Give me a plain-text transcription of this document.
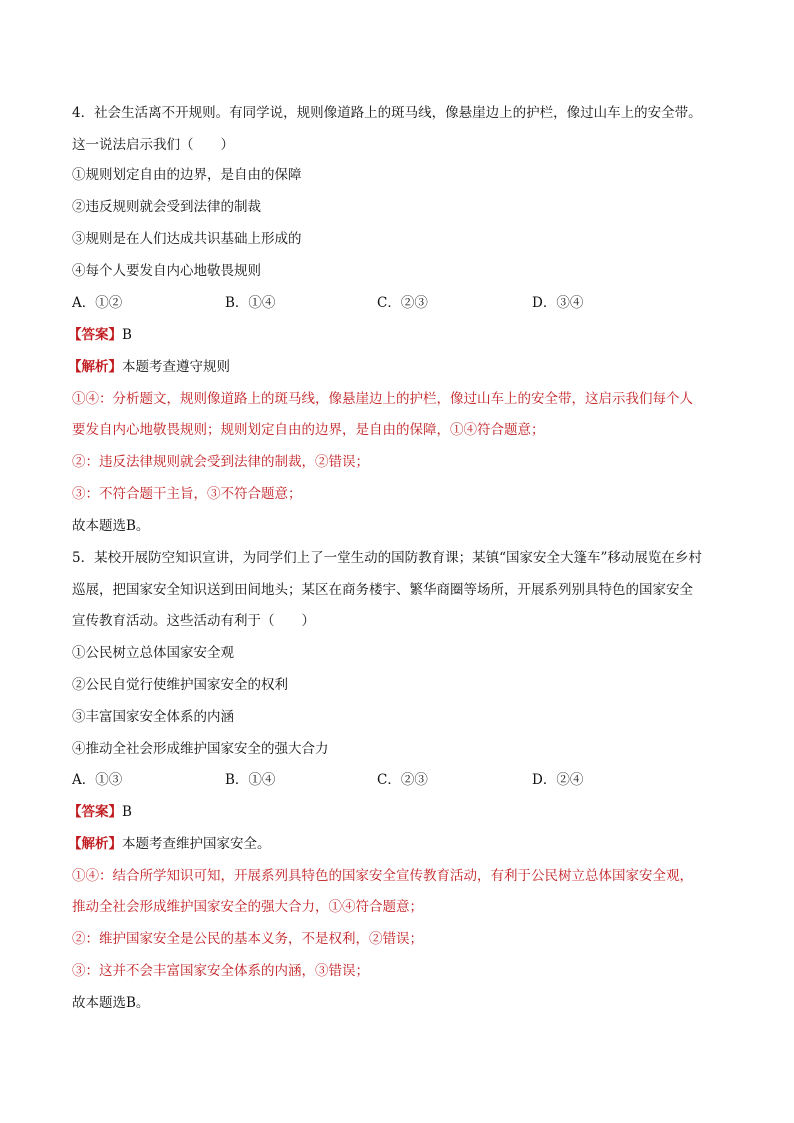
4．社会生活离不开规则。有同学说，规则像道路上的斑马线，像悬崖边上的护栏，像过山车上的安全带。
这一说法启示我们（　　）
①规则划定自由的边界，是自由的保障
②违反规则就会受到法律的制裁
③规则是在人们达成共识基础上形成的
④每个人要发自内心地敬畏规则
A．①②	B．①④	C．②③	D．③④
【答案】B
【解析】本题考查遵守规则
①④：分析题文，规则像道路上的斑马线，像悬崖边上的护栏，像过山车上的安全带，这启示我们每个人
要发自内心地敬畏规则；规则划定自由的边界，是自由的保障，①④符合题意；
②：违反法律规则就会受到法律的制裁，②错误；
③：不符合题干主旨，③不符合题意；
故本题选B。
5．某校开展防空知识宣讲，为同学们上了一堂生动的国防教育课；某镇“国家安全大篷车”移动展览在乡村
巡展，把国家安全知识送到田间地头；某区在商务楼宇、繁华商圈等场所，开展系列别具特色的国家安全
宣传教育活动。这些活动有利于（　　）
①公民树立总体国家安全观
②公民自觉行使维护国家安全的权利
③丰富国家安全体系的内涵
④推动全社会形成维护国家安全的强大合力
A．①③	B．①④	C．②③	D．②④
【答案】B
【解析】本题考查维护国家安全。
①④：结合所学知识可知，开展系列具特色的国家安全宣传教育活动，有利于公民树立总体国家安全观，
推动全社会形成维护国家安全的强大合力，①④符合题意；
②：维护国家安全是公民的基本义务，不是权利，②错误；
③：这并不会丰富国家安全体系的内涵，③错误；
故本题选B。
